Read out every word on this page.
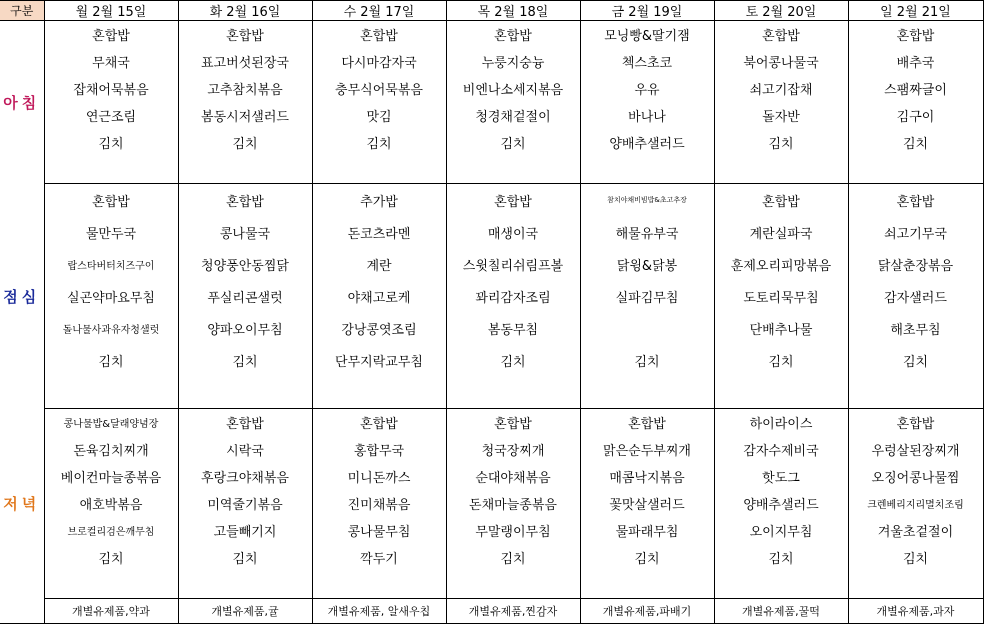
구분	월 2월 15일	화 2월 16일	수 2월 17일	목 2월 18일	금 2월 19일	토 2월 20일	일 2월 21일
아침	혼합밥	혼합밥	혼합밥	혼합밥	모닝빵&딸기잼	혼합밥	혼합밥
	무채국	표고버섯된장국	다시마감자국	누룽지숭늉	첵스초코	북어콩나물국	배추국
	잡채어묵볶음	고추참치볶음	충무식어묵볶음	비엔나소세지볶음	우유	쇠고기잡채	스팸짜글이
	연근조림	봄동시저샐러드	맛김	청경채겉절이	바나나	돌자반	김구이
	김치	김치	김치	김치	양배추샐러드	김치	김치

점심	혼합밥	혼합밥	추가밥	혼합밥	참치야채비빔밥&초고추장	혼합밥	혼합밥
	물만두국	콩나물국	돈코츠라멘	매생이국	해물유부국	계란실파국	쇠고기무국
	랍스타버터치즈구이	청양풍안동찜닭	계란	스윗칠리쉬림프볼	닭윙&닭봉	훈제오리피망볶음	닭살춘장볶음
	실곤약마요무침	푸실리콘샐럿	야채고로케	꽈리감자조림	실파김무침	도토리묵무침	감자샐러드
	돌나물사과유자청샐럿	양파오이무침	강낭콩엿조림	봄동무침		단배추나물	해초무침
	김치	김치	단무지락교무침	김치	김치	김치	김치

저녁	콩나물밥&달래양념장	혼합밥	혼합밥	혼합밥	혼합밥	하이라이스	혼합밥
	돈육김치찌개	시락국	홍합무국	청국장찌개	맑은순두부찌개	감자수제비국	우렁살된장찌개
	베이컨마늘종볶음	후랑크야채볶음	미니돈까스	순대야채볶음	매콤낙지볶음	핫도그	오징어콩나물찜
	애호박볶음	미역줄기볶음	진미채볶음	돈채마늘종볶음	꽃맛살샐러드	양배추샐러드	크렌베리지리멸치조림
	브로컬리검은깨무침	고들빼기지	콩나물무침	무말랭이무침	물파래무침	오이지무침	겨울초겉절이
	김치	김치	깍두기	김치	김치	김치	김치

	개별유제품,약과	개별유제품,귤	개별유제품, 알새우칩	개별유제품,찐감자	개별유제품,파배기	개별유제품,꿀떡	개별유제품,과자
